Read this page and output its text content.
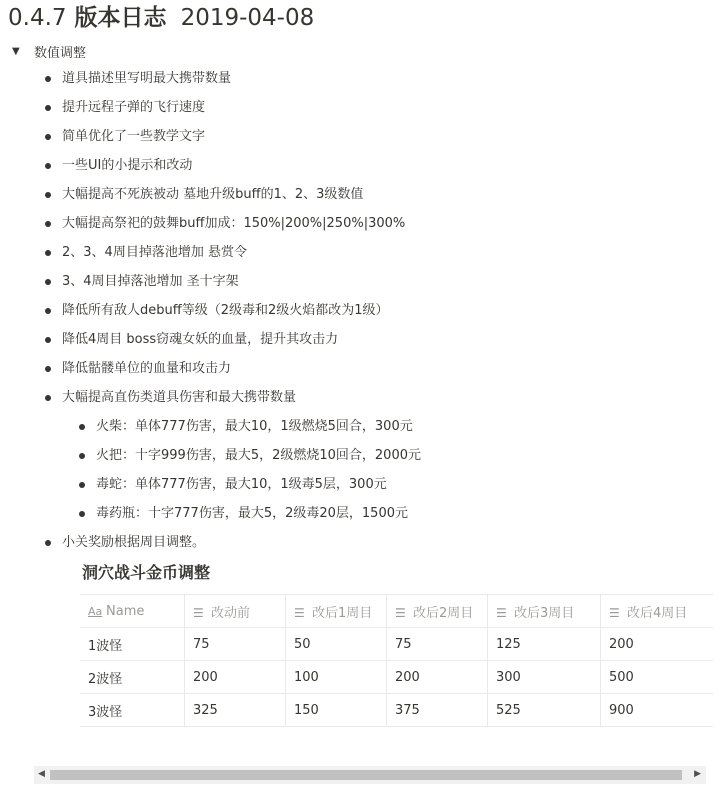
0.4.7 版本日志 2019-04-08
▼	数值调整
道具描述里写明最大携带数量
提升远程子弹的飞行速度
简单优化了一些教学文字
一些UI的小提示和改动
大幅提高不死族被动 墓地升级buff的1、2、3级数值
大幅提高祭祀的鼓舞buff加成：150%|200%|250%|300%
2、3、4周目掉落池增加 悬赏令
3、4周目掉落池增加 圣十字架
降低所有敌人debuff等级（2级毒和2级火焰都改为1级）
降低4周目 boss窃魂女妖的血量，提升其攻击力
降低骷髅单位的血量和攻击力
大幅提高直伤类道具伤害和最大携带数量
火柴：单体777伤害，最大10，1级燃烧5回合，300元
火把：十字999伤害，最大5，2级燃烧10回合，2000元
毒蛇：单体777伤害，最大10，1级毒5层，300元
毒药瓶：十字777伤害，最大5，2级毒20层，1500元
小关奖励根据周目调整。
洞穴战斗金币调整
Aa Name	☰ 改动前	☰ 改后1周目	☰ 改后2周目	☰ 改后3周目	☰ 改后4周目
1波怪	75	50	75	125	200
2波怪	200	100	200	300	500
3波怪	325	150	375	525	900
◀	▶
